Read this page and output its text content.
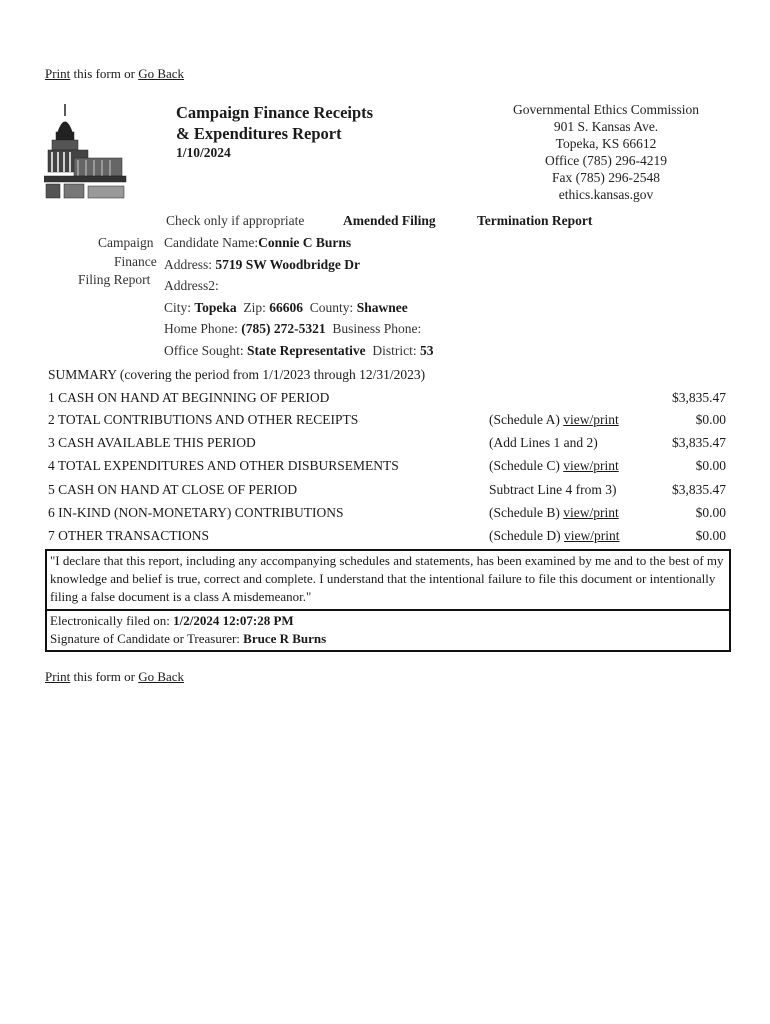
Print this form or Go Back
Campaign Finance Receipts
& Expenditures Report
1/10/2024
Governmental Ethics Commission
901 S. Kansas Ave.
Topeka, KS 66612
Office (785) 296-4219
Fax (785) 296-2548
ethics.kansas.gov
Check only if appropriate	Amended Filing	Termination Report
Campaign
Finance
Filing Report
Candidate Name:Connie C Burns
Address: 5719 SW Woodbridge Dr
Address2:
City: Topeka Zip: 66606 County: Shawnee
Home Phone: (785) 272-5321 Business Phone:
Office Sought: State Representative District: 53
SUMMARY (covering the period from 1/1/2023 through 12/31/2023)
1 CASH ON HAND AT BEGINNING OF PERIOD	$3,835.47
2 TOTAL CONTRIBUTIONS AND OTHER RECEIPTS	(Schedule A) view/print	$0.00
3 CASH AVAILABLE THIS PERIOD	(Add Lines 1 and 2)	$3,835.47
4 TOTAL EXPENDITURES AND OTHER DISBURSEMENTS	(Schedule C) view/print	$0.00
5 CASH ON HAND AT CLOSE OF PERIOD	Subtract Line 4 from 3)	$3,835.47
6 IN-KIND (NON-MONETARY) CONTRIBUTIONS	(Schedule B) view/print	$0.00
7 OTHER TRANSACTIONS	(Schedule D) view/print	$0.00
"I declare that this report, including any accompanying schedules and statements, has been examined by me and to the best of my knowledge and belief is true, correct and complete. I understand that the intentional failure to file this document or intentionally filing a false document is a class A misdemeanor."
Electronically filed on: 1/2/2024 12:07:28 PM
Signature of Candidate or Treasurer: Bruce R Burns
Print this form or Go Back
